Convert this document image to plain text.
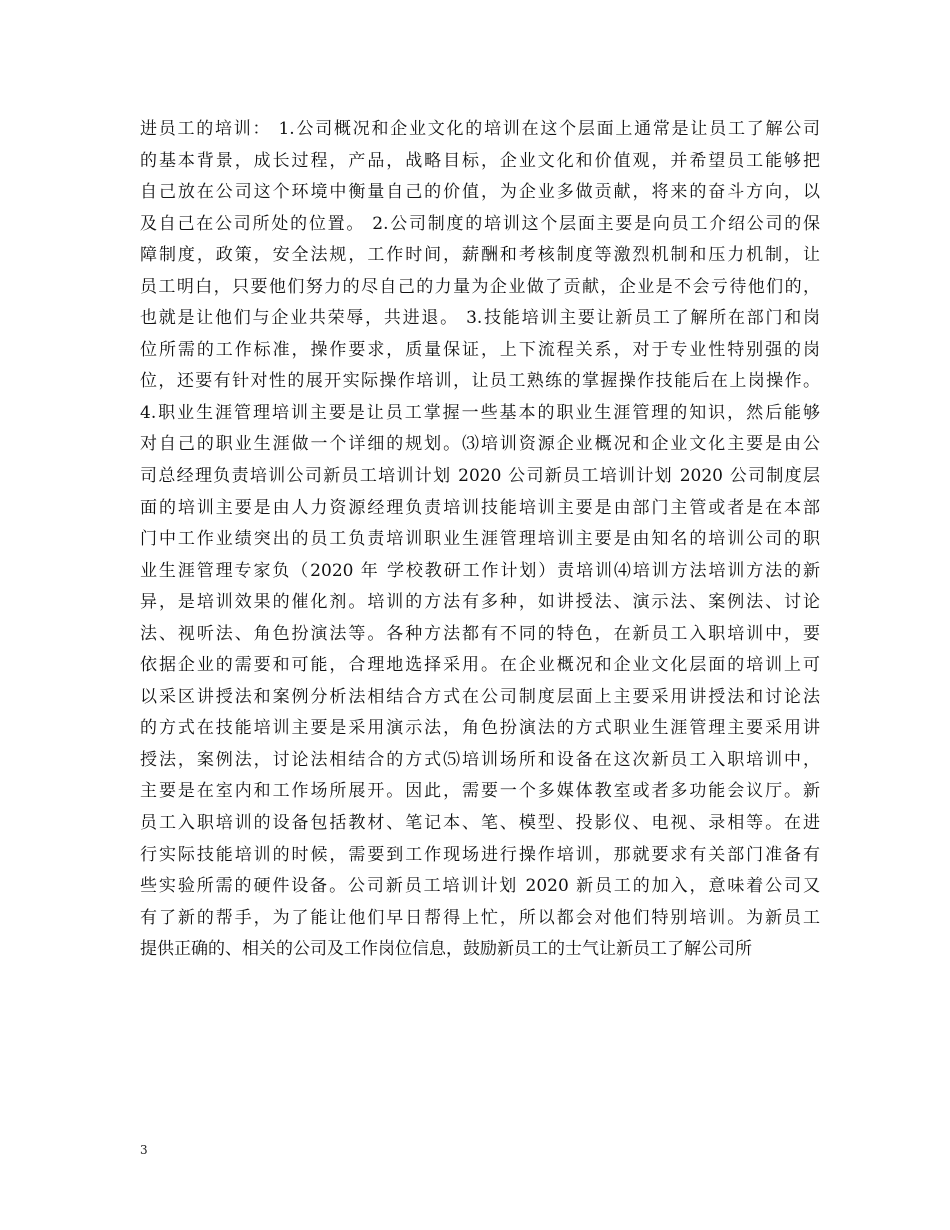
进员工的培训： 1.公司概况和企业文化的培训在这个层面上通常是让员工了解公司
的基本背景，成长过程，产品，战略目标，企业文化和价值观，并希望员工能够把
自己放在公司这个环境中衡量自己的价值，为企业多做贡献，将来的奋斗方向，以
及自己在公司所处的位置。 2.公司制度的培训这个层面主要是向员工介绍公司的保
障制度，政策，安全法规，工作时间，薪酬和考核制度等激烈机制和压力机制，让
员工明白，只要他们努力的尽自己的力量为企业做了贡献，企业是不会亏待他们的，
也就是让他们与企业共荣辱，共进退。 3.技能培训主要让新员工了解所在部门和岗
位所需的工作标准，操作要求，质量保证，上下流程关系，对于专业性特别强的岗
位，还要有针对性的展开实际操作培训，让员工熟练的掌握操作技能后在上岗操作。
4.职业生涯管理培训主要是让员工掌握一些基本的职业生涯管理的知识，然后能够
对自己的职业生涯做一个详细的规划。⑶培训资源企业概况和企业文化主要是由公
司总经理负责培训公司新员工培训计划 2020 公司新员工培训计划 2020 公司制度层
面的培训主要是由人力资源经理负责培训技能培训主要是由部门主管或者是在本部
门中工作业绩突出的员工负责培训职业生涯管理培训主要是由知名的培训公司的职
业生涯管理专家负（2020 年 学校教研工作计划）责培训⑷培训方法培训方法的新
异，是培训效果的催化剂。培训的方法有多种，如讲授法、演示法、案例法、讨论
法、视听法、角色扮演法等。各种方法都有不同的特色，在新员工入职培训中，要
依据企业的需要和可能，合理地选择采用。在企业概况和企业文化层面的培训上可
以采区讲授法和案例分析法相结合方式在公司制度层面上主要采用讲授法和讨论法
的方式在技能培训主要是采用演示法，角色扮演法的方式职业生涯管理主要采用讲
授法，案例法，讨论法相结合的方式⑸培训场所和设备在这次新员工入职培训中，
主要是在室内和工作场所展开。因此，需要一个多媒体教室或者多功能会议厅。新
员工入职培训的设备包括教材、笔记本、笔、模型、投影仪、电视、录相等。在进
行实际技能培训的时候，需要到工作现场进行操作培训，那就要求有关部门准备有
些实验所需的硬件设备。公司新员工培训计划 2020 新员工的加入，意味着公司又
有了新的帮手，为了能让他们早日帮得上忙，所以都会对他们特别培训。为新员工
提供正确的、相关的公司及工作岗位信息，鼓励新员工的士气让新员工了解公司所
3
